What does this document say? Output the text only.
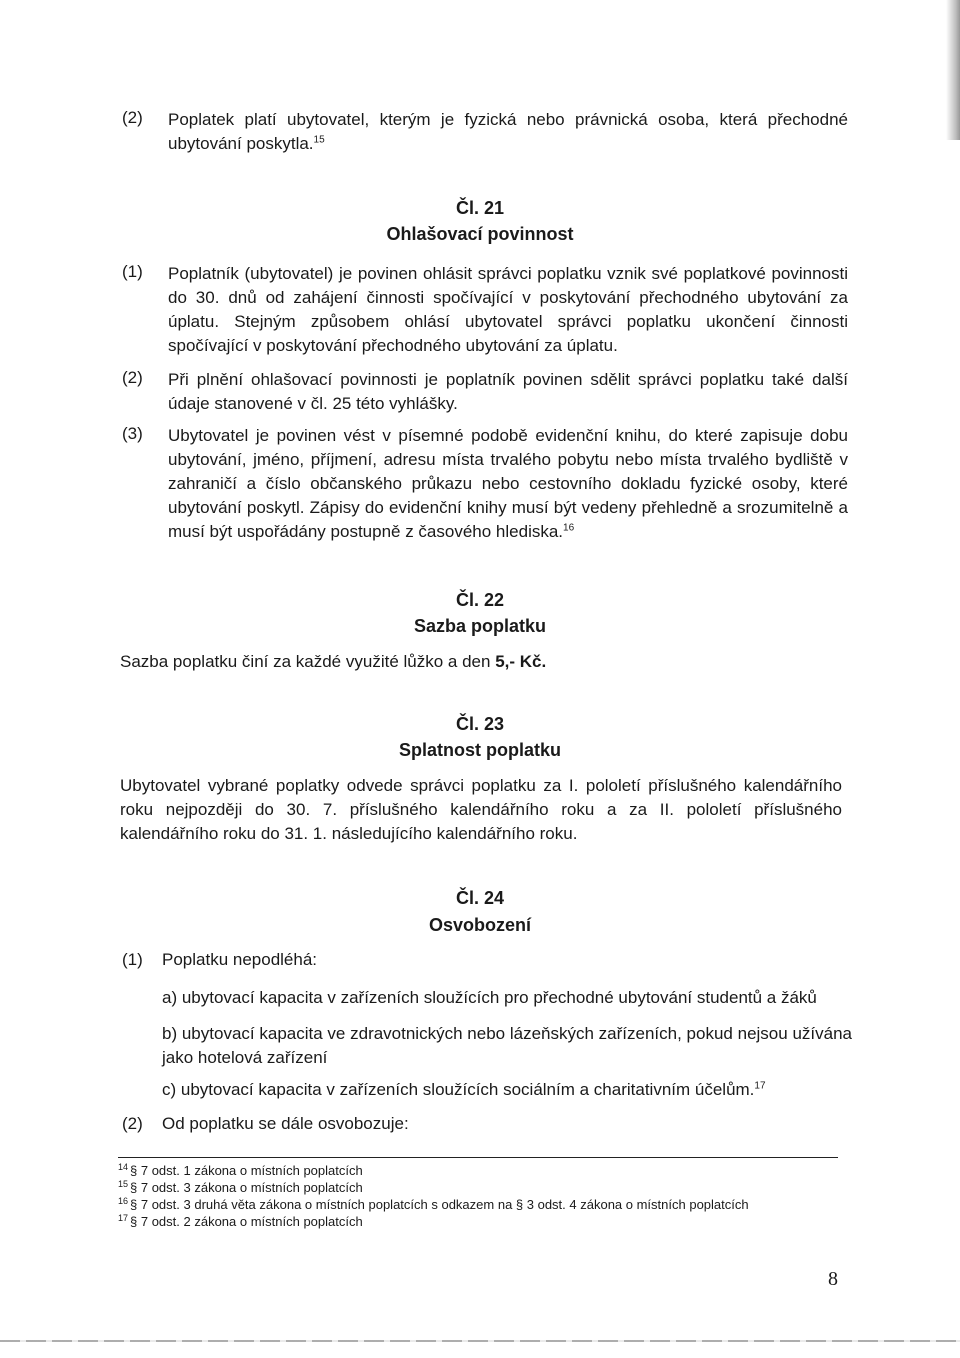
(2) Poplatek platí ubytovatel, kterým je fyzická nebo právnická osoba, která přechodné ubytování poskytla.$^{15}$
Čl. 21
Ohlašovací povinnost
(1) Poplatník (ubytovatel) je povinen ohlásit správci poplatku vznik své poplatkové povinnosti do 30. dnů od zahájení činnosti spočívající v poskytování přechodného ubytování za úplatu. Stejným způsobem ohlásí ubytovatel správci poplatku ukončení činnosti spočívající v poskytování přechodného ubytování za úplatu.
(2) Při plnění ohlašovací povinnosti je poplatník povinen sdělit správci poplatku také další údaje stanovené v čl. 25 této vyhlášky.
(3) Ubytovatel je povinen vést v písemné podobě evidenční knihu, do které zapisuje dobu ubytování, jméno, příjmení, adresu místa trvalého pobytu nebo místa trvalého bydliště v zahraničí a číslo občanského průkazu nebo cestovního dokladu fyzické osoby, které ubytování poskytl. Zápisy do evidenční knihy musí být vedeny přehledně a srozumitelně a musí být uspořádány postupně z časového hlediska.$^{16}$
Čl. 22
Sazba poplatku
Sazba poplatku činí za každé využité lůžko a den 5,- Kč.
Čl. 23
Splatnost poplatku
Ubytovatel vybrané poplatky odvede správci poplatku za I. pololetí příslušného kalendářního roku nejpozději do 30. 7. příslušného kalendářního roku a za II. pololetí příslušného kalendářního roku do 31. 1. následujícího kalendářního roku.
Čl. 24
Osvobození
(1) Poplatku nepodléhá:
a) ubytovací kapacita v zařízeních sloužících pro přechodné ubytování studentů a žáků
b) ubytovací kapacita ve zdravotnických nebo lázeňských zařízeních, pokud nejsou užívána jako hotelová zařízení
c) ubytovací kapacita v zařízeních sloužících sociálním a charitativním účelům.$^{17}$
(2) Od poplatku se dále osvobozuje:
$^{14}$ § 7 odst. 1 zákona o místních poplatcích
$^{15}$ § 7 odst. 3 zákona o místních poplatcích
$^{16}$ § 7 odst. 3 druhá věta zákona o místních poplatcích s odkazem na § 3 odst. 4 zákona o místních poplatcích
$^{17}$ § 7 odst. 2 zákona o místních poplatcích
8
